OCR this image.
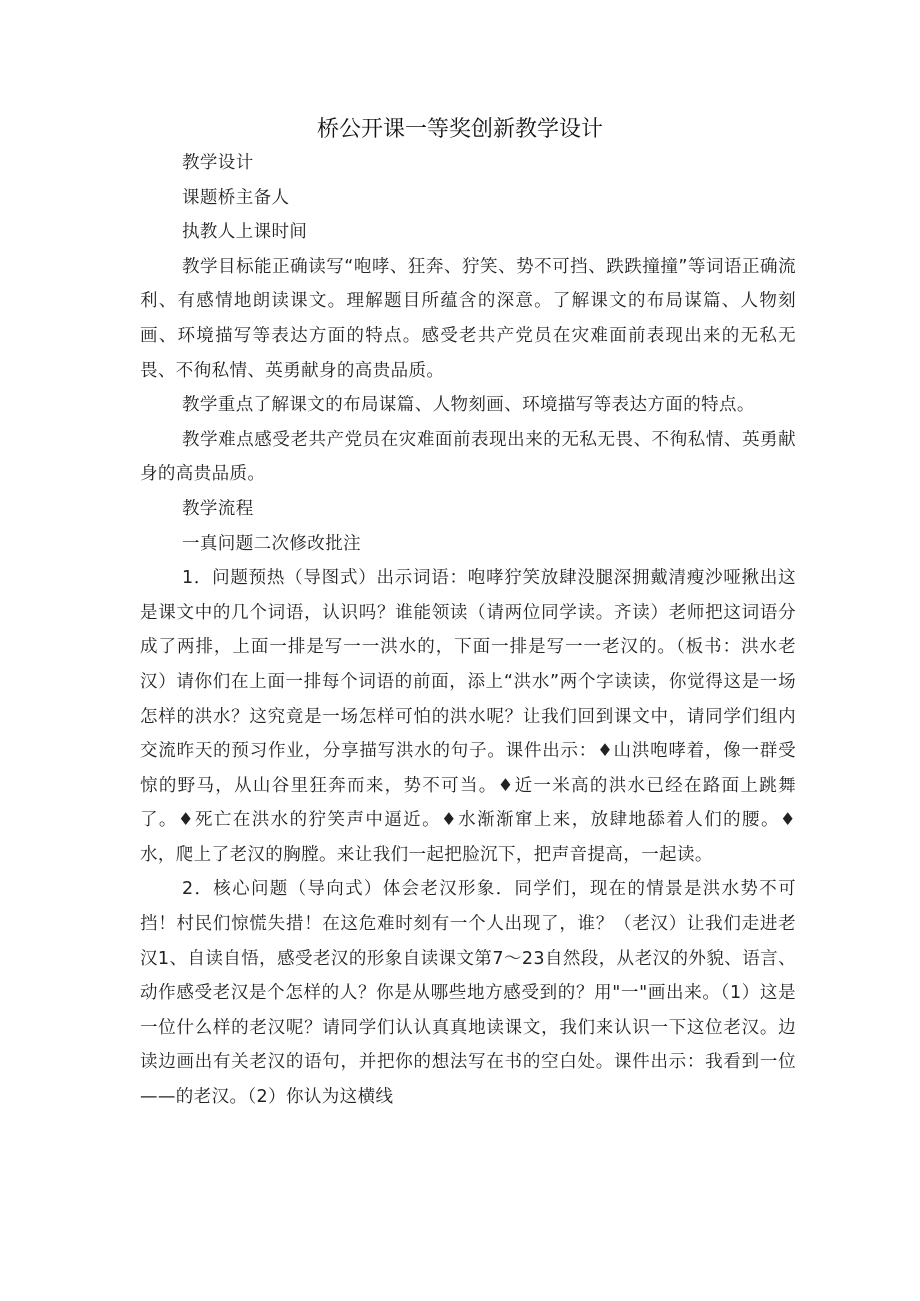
桥公开课一等奖创新教学设计

教学设计

课题桥主备人

执教人上课时间

教学目标能正确读写“咆哮、狂奔、狞笑、势不可挡、跌跌撞撞”等词语正确流利、有感情地朗读课文。理解题目所蕴含的深意。了解课文的布局谋篇、人物刻画、环境描写等表达方面的特点。感受老共产党员在灾难面前表现出来的无私无畏、不徇私情、英勇献身的高贵品质。

教学重点了解课文的布局谋篇、人物刻画、环境描写等表达方面的特点。

教学难点感受老共产党员在灾难面前表现出来的无私无畏、不徇私情、英勇献身的高贵品质。

教学流程

一真问题二次修改批注

1．问题预热（导图式）出示词语：咆哮狞笑放肆没腿深拥戴清瘦沙哑揪出这是课文中的几个词语，认识吗？谁能领读（请两位同学读。齐读）老师把这词语分成了两排，上面一排是写一一洪水的，下面一排是写一一老汉的。（板书：洪水老汉）请你们在上面一排每个词语的前面，添上“洪水”两个字读读，你觉得这是一场怎样的洪水？这究竟是一场怎样可怕的洪水呢？让我们回到课文中，请同学们组内交流昨天的预习作业，分享描写洪水的句子。课件出示：♦山洪咆哮着，像一群受惊的野马，从山谷里狂奔而来，势不可当。♦近一米高的洪水已经在路面上跳舞了。♦死亡在洪水的狞笑声中逼近。♦水渐渐窜上来，放肆地舔着人们的腰。♦水，爬上了老汉的胸膛。来让我们一起把脸沉下，把声音提高，一起读。

2．核心问题（导向式）体会老汉形象．同学们，现在的情景是洪水势不可挡！村民们惊慌失措！在这危难时刻有一个人出现了，谁？（老汉）让我们走进老汉1、自读自悟，感受老汉的形象自读课文第7～23自然段，从老汉的外貌、语言、动作感受老汉是个怎样的人？你是从哪些地方感受到的？用"一"画出来。（1）这是一位什么样的老汉呢？请同学们认认真真地读课文，我们来认识一下这位老汉。边读边画出有关老汉的语句，并把你的想法写在书的空白处。课件出示：我看到一位——的老汉。（2）你认为这横线
